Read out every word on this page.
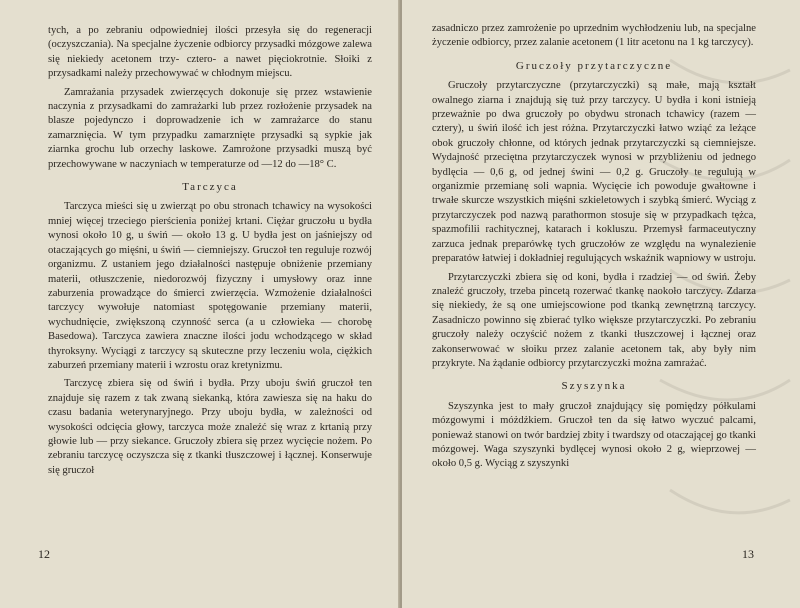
tych, a po zebraniu odpowiedniej ilości przesyła się do regeneracji (oczyszczania). Na specjalne życzenie odbiorcy przysadki mózgowe zalewa się niekiedy acetonem trzy- cztero- a nawet pięciokrotnie. Słoiki z przysadkami należy przechowywać w chłodnym miejscu.

Zamrażania przysadek zwierzęcych dokonuje się przez wstawienie naczynia z przysadkami do zamrażarki lub przez rozłożenie przysadek na blasze pojedynczo i doprowadzenie ich w zamrażarce do stanu zamarznięcia. W tym przypadku zamarznięte przysadki są sypkie jak ziarnka grochu lub orzechy laskowe. Zamrożone przysadki muszą być przechowywane w naczyniach w temperaturze od —12 do —18° C.

Tarczyca

Tarczyca mieści się u zwierząt po obu stronach tchawicy na wysokości mniej więcej trzeciego pierścienia poniżej krtani. Ciężar gruczołu u bydła wynosi około 10 g, u świń — około 13 g. U bydła jest on jaśniejszy od otaczających go mięśni, u świń — ciemniejszy. Gruczoł ten reguluje rozwój organizmu. Z ustaniem jego działalności następuje obniżenie przemiany materii, otłuszczenie, niedorozwój fizyczny i umysłowy oraz inne zaburzenia prowadzące do śmierci zwierzęcia. Wzmożenie działalności tarczycy wywołuje natomiast spotęgowanie przemiany materii, wychudnięcie, zwiększoną czynność serca (a u człowieka — chorobę Basedowa). Tarczyca zawiera znaczne ilości jodu wchodzącego w skład thyroksyny. Wyciągi z tarczycy są skuteczne przy leczeniu wola, ciężkich zaburzeń przemiany materii i wzrostu oraz kretynizmu.

Tarczycę zbiera się od świń i bydła. Przy uboju świń gruczoł ten znajduje się razem z tak zwaną siekanką, która zawiesza się na haku do czasu badania weterynaryjnego. Przy uboju bydła, w zależności od wysokości odcięcia głowy, tarczyca może znaleźć się wraz z krtanią przy głowie lub — przy siekance. Gruczoły zbiera się przez wycięcie nożem. Po zebraniu tarczycę oczyszcza się z tkanki tłuszczowej i łącznej. Konserwuje się gruczoł

12

zasadniczo przez zamrożenie po uprzednim wychłodzeniu lub, na specjalne życzenie odbiorcy, przez zalanie acetonem (1 litr acetonu na 1 kg tarczycy).

Gruczoły przytarczyczne

Gruczoły przytarczyczne (przytarczyczki) są małe, mają kształt owalnego ziarna i znajdują się tuż przy tarczycy. U bydła i koni istnieją przeważnie po dwa gruczoły po obydwu stronach tchawicy (razem — cztery), u świń ilość ich jest różna. Przytarczyczki łatwo wziąć za leżące obok gruczoły chłonne, od których jednak przytarczyczki są ciemniejsze. Wydajność przeciętna przytarczyczek wynosi w przybliżeniu od jednego bydlęcia — 0,6 g, od jednej świni — 0,2 g. Gruczoły te regulują w organizmie przemianę soli wapnia. Wycięcie ich powoduje gwałtowne i trwałe skurcze wszystkich mięśni szkieletowych i szybką śmierć. Wyciąg z przytarczyczek pod nazwą parathormon stosuje się w przypadkach tężca, spazmofilii rachitycznej, katarach i kokluszu. Przemysł farmaceutyczny zarzuca jednak preparówkę tych gruczołów ze względu na wynalezienie preparatów łatwiej i dokładniej regulujących wskaźnik wapniowy w ustroju.

Przytarczyczki zbiera się od koni, bydła i rzadziej — od świń. Żeby znaleźć gruczoły, trzeba pincetą rozerwać tkankę naokoło tarczycy. Zdarza się niekiedy, że są one umiejscowione pod tkanką zewnętrzną tarczycy. Zasadniczo powinno się zbierać tylko większe przytarczyczki. Po zebraniu gruczoły należy oczyścić nożem z tkanki tłuszczowej i łącznej oraz zakonserwować w słoiku przez zalanie acetonem tak, aby były nim przykryte. Na żądanie odbiorcy przytarczyczki można zamrażać.

Szyszynka

Szyszynka jest to mały gruczoł znajdujący się pomiędzy półkulami mózgowymi i móżdżkiem. Gruczoł ten da się łatwo wyczuć palcami, ponieważ stanowi on twór bardziej zbity i twardszy od otaczającej go tkanki mózgowej. Waga szyszynki bydlęcej wynosi około 2 g, wieprzowej — około 0,5 g. Wyciąg z szyszynki

13
